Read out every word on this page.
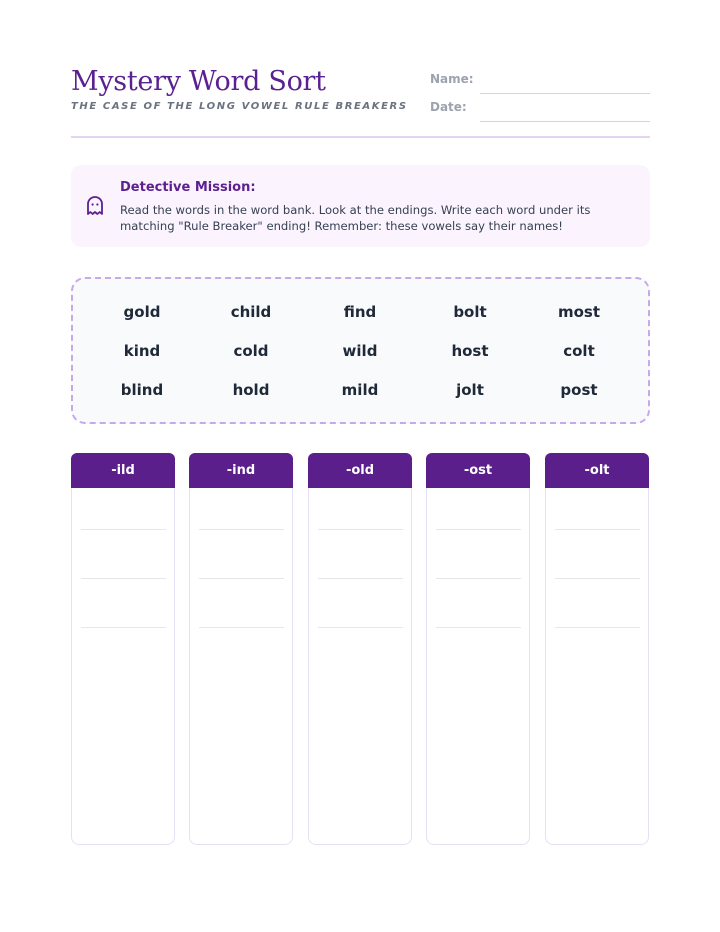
Mystery Word Sort
THE CASE OF THE LONG VOWEL RULE BREAKERS
Name:
Date:
Detective Mission:
Read the words in the word bank. Look at the endings. Write each word under its matching "Rule Breaker" ending! Remember: these vowels say their names!
gold	child	find	bolt	most
kind	cold	wild	host	colt
blind	hold	mild	jolt	post
-ild	-ind	-old	-ost	-olt
